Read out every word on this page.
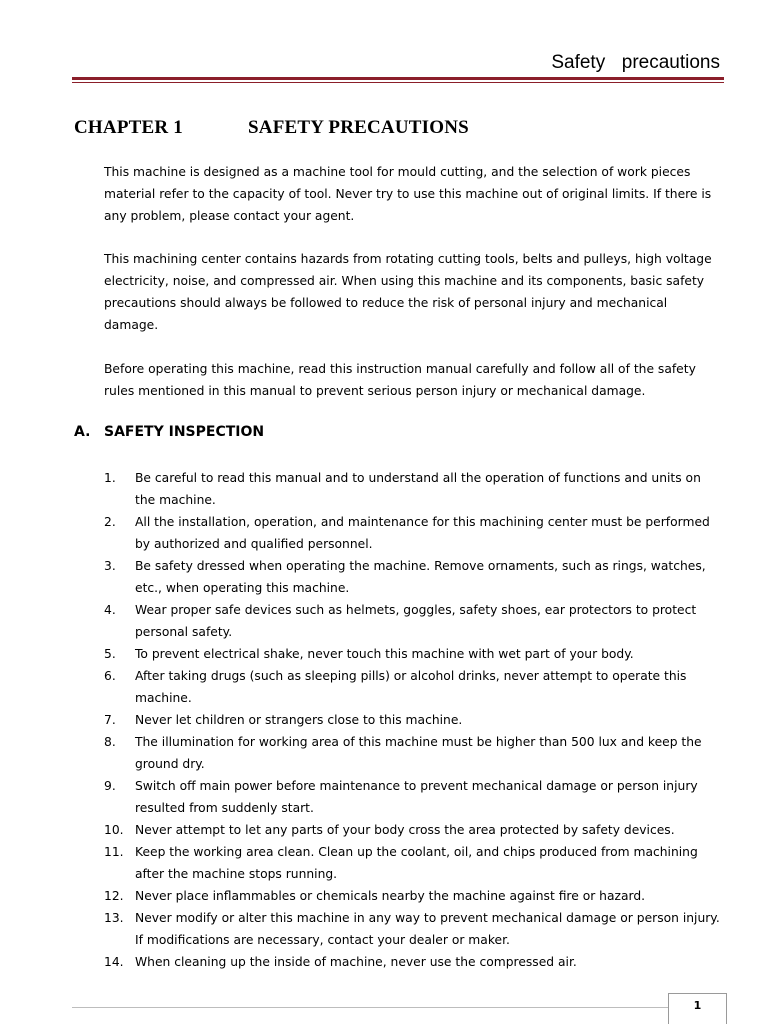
Safety  precautions
CHAPTER 1	SAFETY PRECAUTIONS

This machine is designed as a machine tool for mould cutting, and the selection of work pieces material refer to the capacity of tool. Never try to use this machine out of original limits. If there is any problem, please contact your agent.

This machining center contains hazards from rotating cutting tools, belts and pulleys, high voltage electricity, noise, and compressed air. When using this machine and its components, basic safety precautions should always be followed to reduce the risk of personal injury and mechanical damage.

Before operating this machine, read this instruction manual carefully and follow all of the safety rules mentioned in this manual to prevent serious person injury or mechanical damage.

A. SAFETY INSPECTION
1. Be careful to read this manual and to understand all the operation of functions and units on the machine.
2. All the installation, operation, and maintenance for this machining center must be performed by authorized and qualified personnel.
3. Be safety dressed when operating the machine. Remove ornaments, such as rings, watches, etc., when operating this machine.
4. Wear proper safe devices such as helmets, goggles, safety shoes, ear protectors to protect personal safety.
5. To prevent electrical shake, never touch this machine with wet part of your body.
6. After taking drugs (such as sleeping pills) or alcohol drinks, never attempt to operate this machine.
7. Never let children or strangers close to this machine.
8. The illumination for working area of this machine must be higher than 500 lux and keep the ground dry.
9. Switch off main power before maintenance to prevent mechanical damage or person injury resulted from suddenly start.
10. Never attempt to let any parts of your body cross the area protected by safety devices.
11. Keep the working area clean. Clean up the coolant, oil, and chips produced from machining after the machine stops running.
12. Never place inflammables or chemicals nearby the machine against fire or hazard.
13. Never modify or alter this machine in any way to prevent mechanical damage or person injury. If modifications are necessary, contact your dealer or maker.
14. When cleaning up the inside of machine, never use the compressed air.
1
